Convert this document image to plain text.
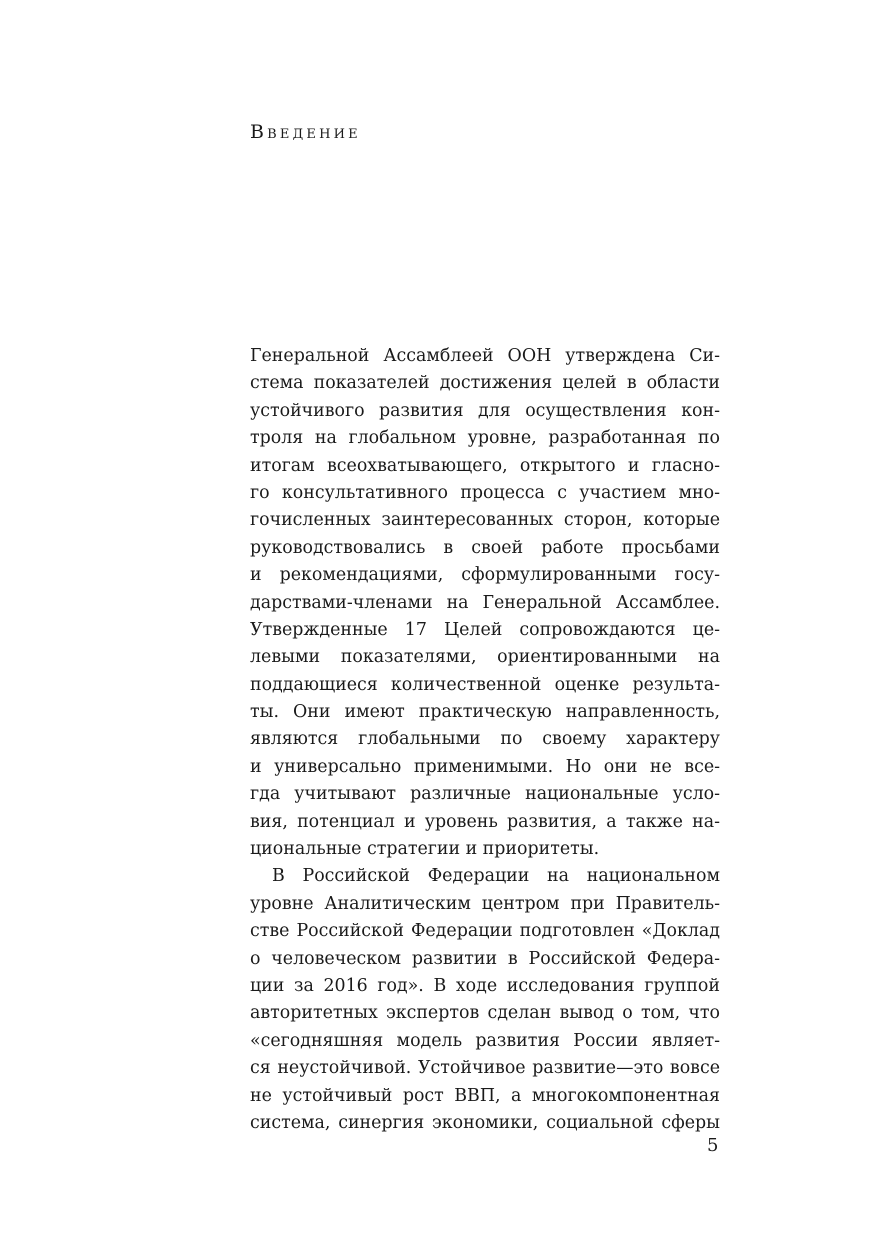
Введение
Генеральной Ассамблеей ООН утверждена Си-
стема показателей достижения целей в области
устойчивого развития для осуществления кон-
троля на глобальном уровне, разработанная по
итогам всеохватывающего, открытого и гласно-
го консультативного процесса с участием мно-
гочисленных заинтересованных сторон, которые
руководствовались в своей работе просьбами
и рекомендациями, сформулированными госу-
дарствами-членами на Генеральной Ассамблее.
Утвержденные 17 Целей сопровождаются це-
левыми показателями, ориентированными на
поддающиеся количественной оценке результа-
ты. Они имеют практическую направленность,
являются глобальными по своему характеру
и универсально применимыми. Но они не все-
гда учитывают различные национальные усло-
вия, потенциал и уровень развития, а также на-
циональные стратегии и приоритеты.
В Российской Федерации на национальном
уровне Аналитическим центром при Правитель-
стве Российской Федерации подготовлен «Доклад
о человеческом развитии в Российской Федера-
ции за 2016 год». В ходе исследования группой
авторитетных экспертов сделан вывод о том, что
«сегодняшняя модель развития России являет-
ся неустойчивой. Устойчивое развитие—это вовсе
не устойчивый рост ВВП, а многокомпонентная
система, синергия экономики, социальной сферы
5
